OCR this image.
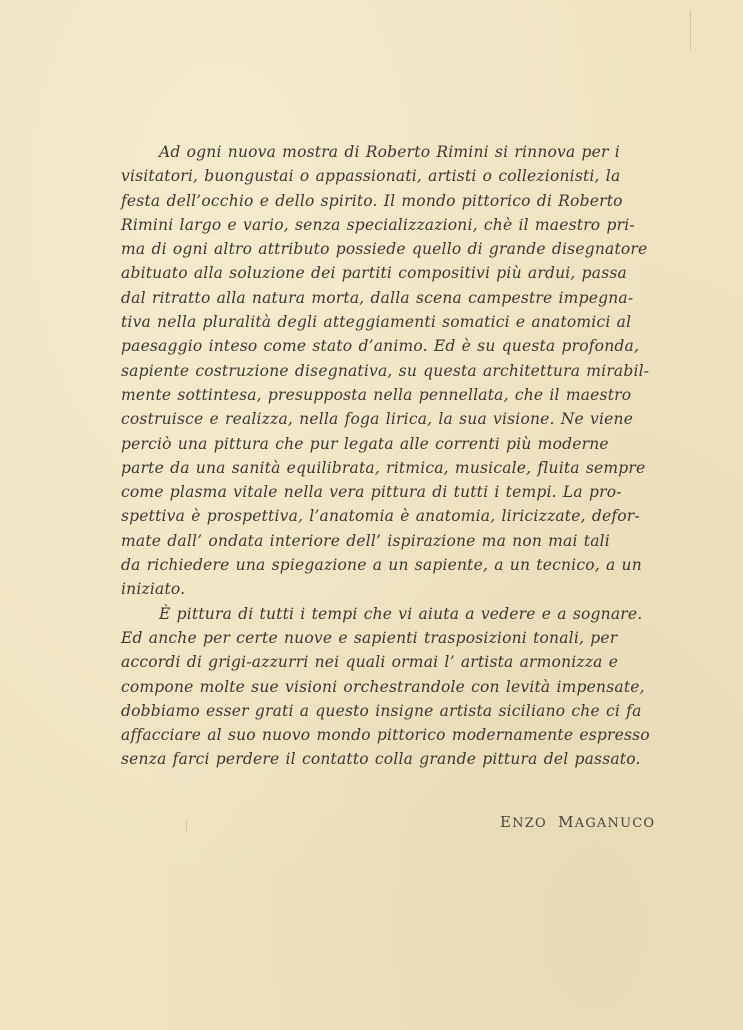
Ad ogni nuova mostra di Roberto Rimini si rinnova per i
visitatori, buongustai o appassionati, artisti o collezionisti, la
festa dell’occhio e dello spirito. Il mondo pittorico di Roberto
Rimini largo e vario, senza specializzazioni, chè il maestro pri-
ma di ogni altro attributo possiede quello di grande disegnatore
abituato alla soluzione dei partiti compositivi più ardui, passa
dal ritratto alla natura morta, dalla scena campestre impegna-
tiva nella pluralità degli atteggiamenti somatici e anatomici al
paesaggio inteso come stato d’animo. Ed è su questa profonda,
sapiente costruzione disegnativa, su questa architettura mirabil-
mente sottintesa, presupposta nella pennellata, che il maestro
costruisce e realizza, nella foga lirica, la sua visione. Ne viene
perciò una pittura che pur legata alle correnti più moderne
parte da una sanità equilibrata, ritmica, musicale, fluita sempre
come plasma vitale nella vera pittura di tutti i tempi. La pro-
spettiva è prospettiva, l’anatomia è anatomia, liricizzate, defor-
mate dall’ ondata interiore dell’ ispirazione ma non mai tali
da richiedere una spiegazione a un sapiente, a un tecnico, a un
iniziato.
È pittura di tutti i tempi che vi aiuta a vedere e a sognare.
Ed anche per certe nuove e sapienti trasposizioni tonali, per
accordi di grigi-azzurri nei quali ormai l’ artista armonizza e
compone molte sue visioni orchestrandole con levità impensate,
dobbiamo esser grati a questo insigne artista siciliano che ci fa
affacciare al suo nuovo mondo pittorico modernamente espresso
senza farci perdere il contatto colla grande pittura del passato.
ENZO MAGANUCO
